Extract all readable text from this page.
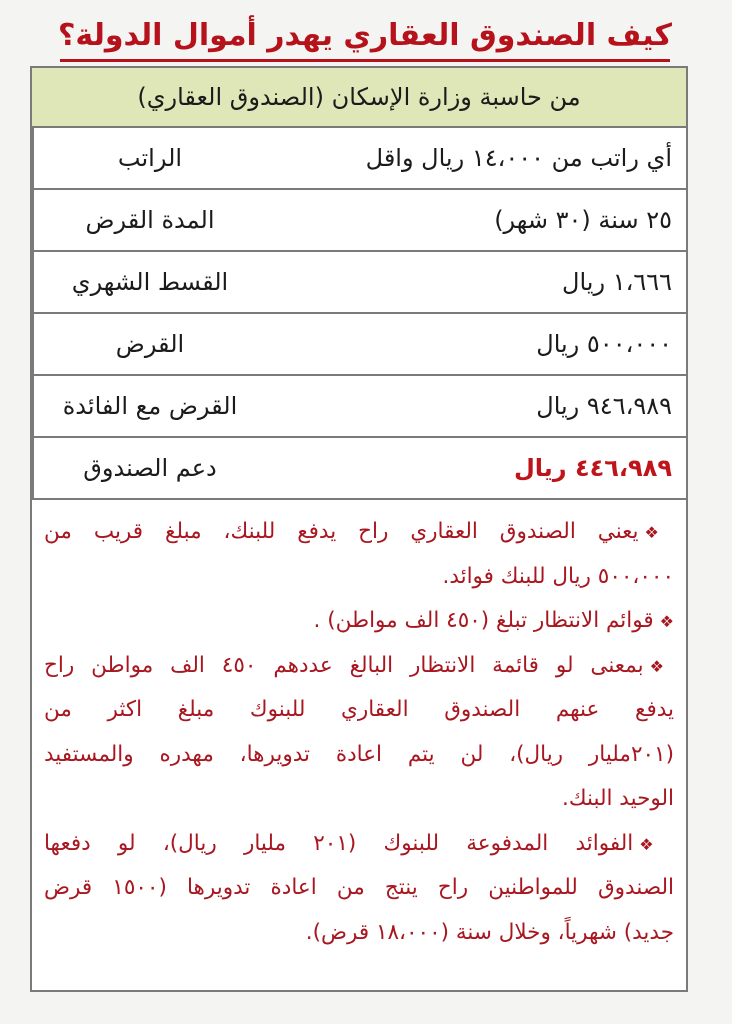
كيف الصندوق العقاري يهدر أموال الدولة؟
من حاسبة وزارة الإسكان (الصندوق العقاري)
أي راتب من ١٤،٠٠٠ ريال واقل	الراتب
٢٥ سنة (٣٠ شهر)	المدة القرض
١،٦٦٦ ريال	القسط الشهري
٥٠٠،٠٠٠ ريال	القرض
٩٤٦،٩٨٩ ريال	القرض مع الفائدة
٤٤٦،٩٨٩ ريال	دعم الصندوق
❖يعني الصندوق العقاري راح يدفع للبنك، مبلغ قريب من
٥٠٠،٠٠٠ ريال للبنك فوائد.
❖قوائم الانتظار تبلغ (٤٥٠ الف مواطن) .
❖بمعنى لو قائمة الانتظار البالغ عددهم ٤٥٠ الف مواطن راح
يدفع عنهم الصندوق العقاري للبنوك مبلغ اكثر من
(٢٠١مليار ريال)، لن يتم اعادة تدويرها، مهدره والمستفيد
الوحيد البنك.
❖الفوائد المدفوعة للبنوك (٢٠١ مليار ريال)، لو دفعها
الصندوق للمواطنين راح ينتج من اعادة تدويرها (١٥٠٠ قرض
جديد) شهرياً، وخلال سنة (١٨،٠٠٠ قرض).
